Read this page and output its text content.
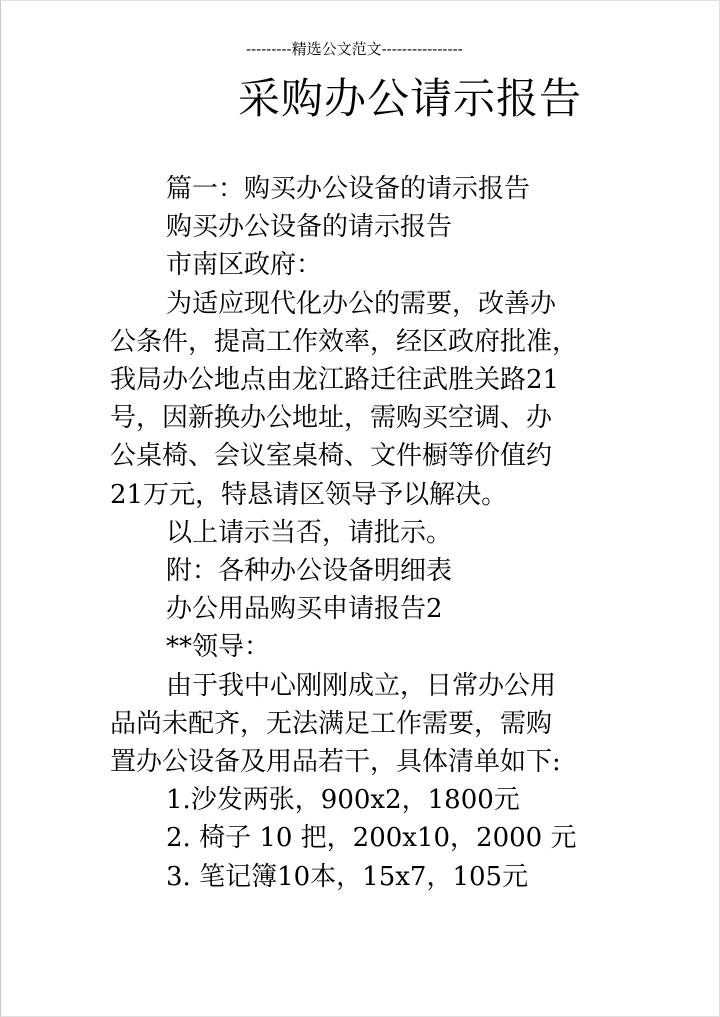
---------精选公文范文----------------
采购办公请示报告
篇一：购买办公设备的请示报告
购买办公设备的请示报告
市南区政府：
为适应现代化办公的需要，改善办
公条件，提高工作效率，经区政府批准，
我局办公地点由龙江路迁往武胜关路21
号，因新换办公地址，需购买空调、办
公桌椅、会议室桌椅、文件橱等价值约
21万元，特恳请区领导予以解决。
以上请示当否，请批示。
附：各种办公设备明细表
办公用品购买申请报告2
**领导：
由于我中心刚刚成立，日常办公用
品尚未配齐，无法满足工作需要，需购
置办公设备及用品若干，具体清单如下:
1.沙发两张，900x2，1800元
2. 椅子 10 把，200x10，2000 元
3. 笔记簿10本，15x7，105元
